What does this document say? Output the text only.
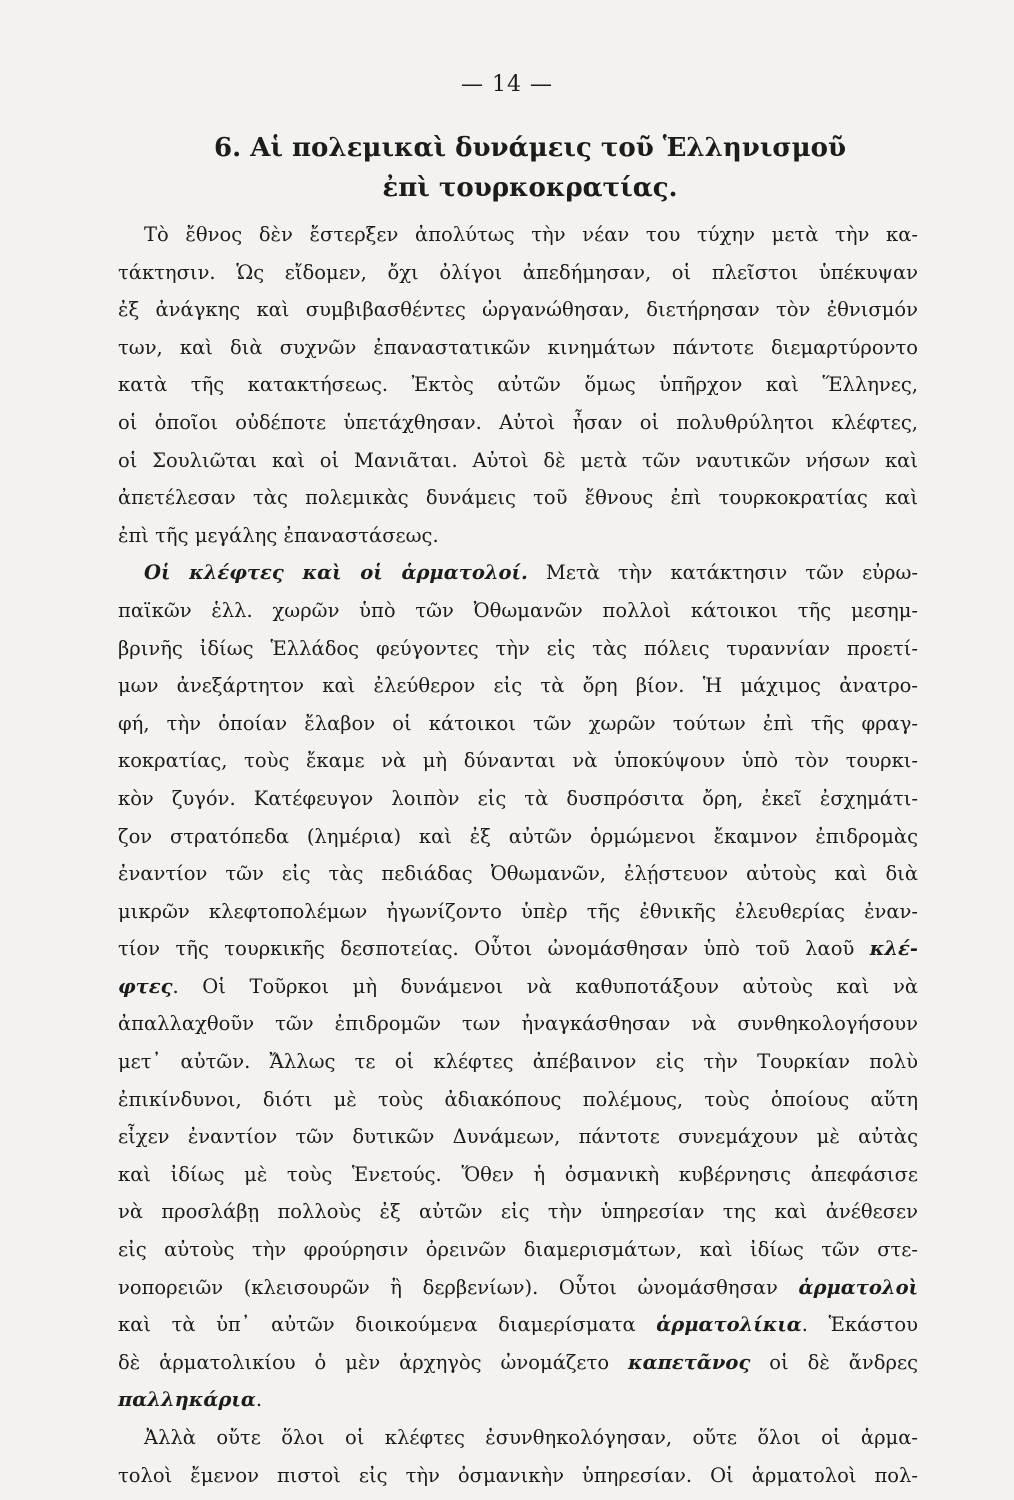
— 14 —
6. Αἱ πολεμικαὶ δυνάμεις τοῦ Ἑλληνισμοῦ
ἐπὶ τουρκοκρατίας.
Τὸ ἔθνος δὲν ἔστερξεν ἀπολύτως τὴν νέαν του τύχην μετὰ τὴν κα-
τάκτησιν. Ὡς εἴδομεν, ὄχι ὀλίγοι ἀπεδήμησαν, οἱ πλεῖστοι ὑπέκυψαν
ἐξ ἀνάγκης καὶ συμβιβασθέντες ὠργανώθησαν, διετήρησαν τὸν ἐθνισμόν
των, καὶ διὰ συχνῶν ἐπαναστατικῶν κινημάτων πάντοτε διεμαρτύροντο
κατὰ τῆς κατακτήσεως. Ἐκτὸς αὐτῶν ὅμως ὑπῆρχον καὶ Ἕλληνες,
οἱ ὁποῖοι οὐδέποτε ὑπετάχθησαν. Αὐτοὶ ἦσαν οἱ πολυθρύλητοι κλέφτες,
οἱ Σουλιῶται καὶ οἱ Μανιᾶται. Αὐτοὶ δὲ μετὰ τῶν ναυτικῶν νήσων καὶ
ἀπετέλεσαν τὰς πολεμικὰς δυνάμεις τοῦ ἔθνους ἐπὶ τουρκοκρατίας καὶ
ἐπὶ τῆς μεγάλης ἐπαναστάσεως.
Οἱ κλέφτες καὶ οἱ ἁρματολοί. Μετὰ τὴν κατάκτησιν τῶν εὐρω-
παϊκῶν ἑλλ. χωρῶν ὑπὸ τῶν Ὀθωμανῶν πολλοὶ κάτοικοι τῆς μεσημ-
βρινῆς ἰδίως Ἑλλάδος φεύγοντες τὴν εἰς τὰς πόλεις τυραννίαν προετί-
μων ἀνεξάρτητον καὶ ἐλεύθερον εἰς τὰ ὄρη βίον. Ἡ μάχιμος ἀνατρο-
φή, τὴν ὁποίαν ἔλαβον οἱ κάτοικοι τῶν χωρῶν τούτων ἐπὶ τῆς φραγ-
κοκρατίας, τοὺς ἔκαμε νὰ μὴ δύνανται νὰ ὑποκύψουν ὑπὸ τὸν τουρκι-
κὸν ζυγόν. Κατέφευγον λοιπὸν εἰς τὰ δυσπρόσιτα ὄρη, ἐκεῖ ἐσχημάτι-
ζον στρατόπεδα (λημέρια) καὶ ἐξ αὐτῶν ὁρμώμενοι ἔκαμνον ἐπιδρομὰς
ἐναντίον τῶν εἰς τὰς πεδιάδας Ὀθωμανῶν, ἐλῄστευον αὐτοὺς καὶ διὰ
μικρῶν κλεφτοπολέμων ἠγωνίζοντο ὑπὲρ τῆς ἐθνικῆς ἐλευθερίας ἐναν-
τίον τῆς τουρκικῆς δεσποτείας. Οὗτοι ὠνομάσθησαν ὑπὸ τοῦ λαοῦ κλέ-
φτες. Οἱ Τοῦρκοι μὴ δυνάμενοι νὰ καθυποτάξουν αὐτοὺς καὶ νὰ
ἀπαλλαχθοῦν τῶν ἐπιδρομῶν των ἠναγκάσθησαν νὰ συνθηκολογήσουν
μετ᾽ αὐτῶν. Ἄλλως τε οἱ κλέφτες ἀπέβαινον εἰς τὴν Τουρκίαν πολὺ
ἐπικίνδυνοι, διότι μὲ τοὺς ἀδιακόπους πολέμους, τοὺς ὁποίους αὕτη
εἶχεν ἐναντίον τῶν δυτικῶν Δυνάμεων, πάντοτε συνεμάχουν μὲ αὐτὰς
καὶ ἰδίως μὲ τοὺς Ἑνετούς. Ὅθεν ἡ ὀσμανικὴ κυβέρνησις ἀπεφάσισε
νὰ προσλάβῃ πολλοὺς ἐξ αὐτῶν εἰς τὴν ὑπηρεσίαν της καὶ ἀνέθεσεν
εἰς αὐτοὺς τὴν φρούρησιν ὀρεινῶν διαμερισμάτων, καὶ ἰδίως τῶν στε-
νοπορειῶν (κλεισουρῶν ἢ δερβενίων). Οὗτοι ὠνομάσθησαν ἁρματολοὶ
καὶ τὰ ὑπ᾽ αὐτῶν διοικούμενα διαμερίσματα ἁρματολίκια. Ἑκάστου
δὲ ἁρματολικίου ὁ μὲν ἀρχηγὸς ὠνομάζετο καπετᾶνος οἱ δὲ ἄνδρες
παλληκάρια.
Ἀλλὰ οὔτε ὅλοι οἱ κλέφτες ἐσυνθηκολόγησαν, οὔτε ὅλοι οἱ ἁρμα-
τολοὶ ἔμενον πιστοὶ εἰς τὴν ὀσμανικὴν ὑπηρεσίαν. Οἱ ἁρματολοὶ πολ-
